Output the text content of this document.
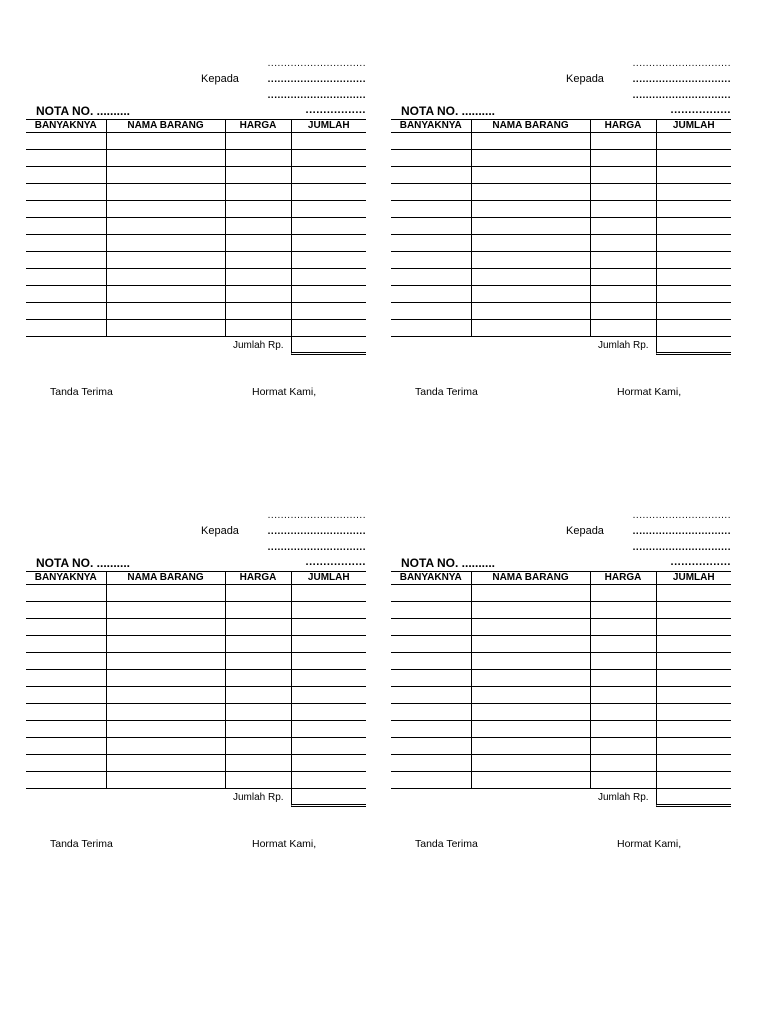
..............................
Kepada	..............................
..............................
NOTA NO. ..........	.................
BANYAKNYA	NAMA BARANG	HARGA	JUMLAH

Jumlah Rp.
Tanda Terima	Hormat Kami,
..............................
Kepada	..............................
..............................
NOTA NO. ..........	.................
BANYAKNYA	NAMA BARANG	HARGA	JUMLAH

Jumlah Rp.
Tanda Terima	Hormat Kami,
..............................
Kepada	..............................
..............................
NOTA NO. ..........	.................
BANYAKNYA	NAMA BARANG	HARGA	JUMLAH

Jumlah Rp.
Tanda Terima	Hormat Kami,
..............................
Kepada	..............................
..............................
NOTA NO. ..........	.................
BANYAKNYA	NAMA BARANG	HARGA	JUMLAH

Jumlah Rp.
Tanda Terima	Hormat Kami,
